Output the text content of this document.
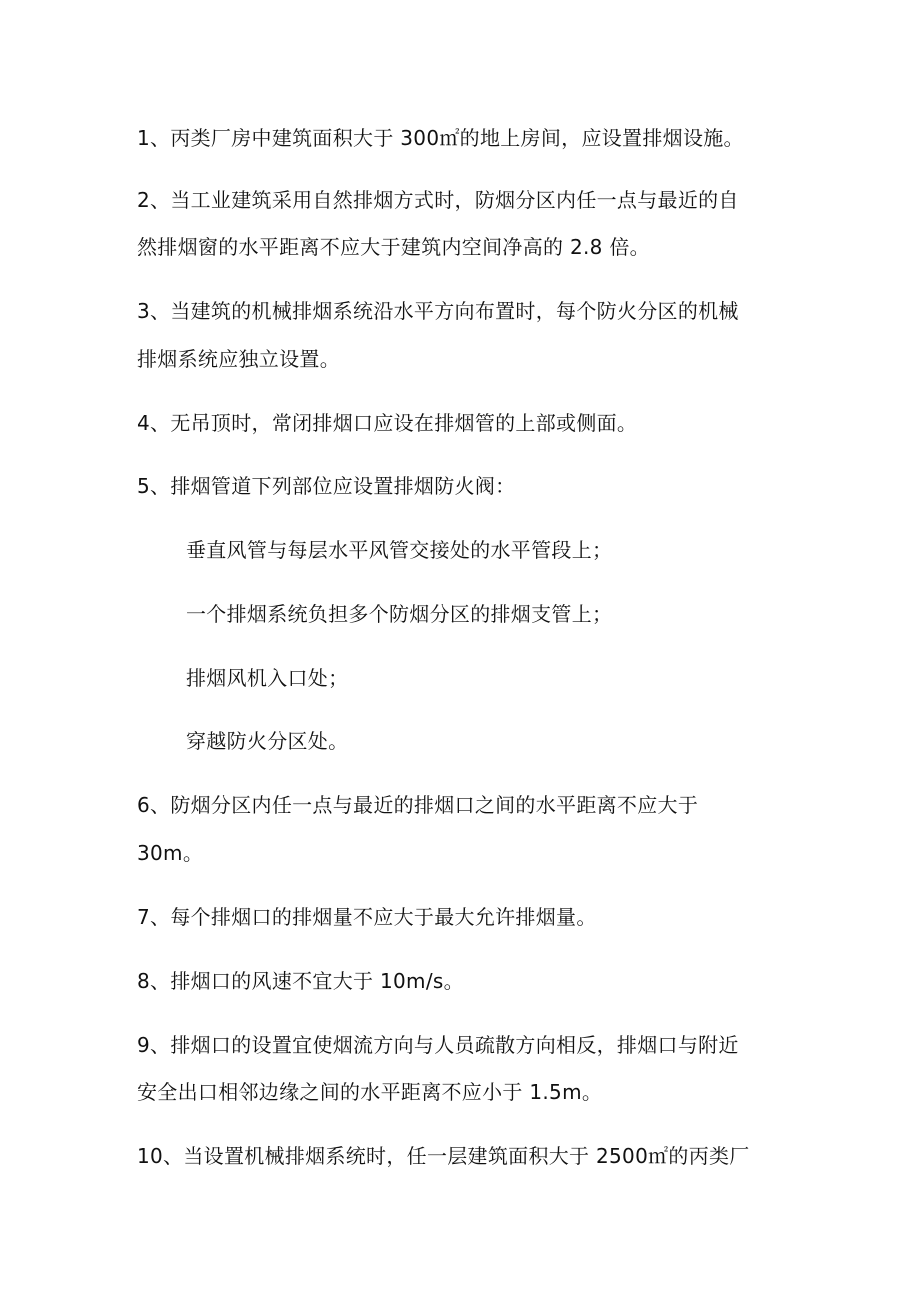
1、丙类厂房中建筑面积大于 300㎡的地上房间，应设置排烟设施。
2、当工业建筑采用自然排烟方式时，防烟分区内任一点与最近的自
然排烟窗的水平距离不应大于建筑内空间净高的 2.8 倍。
3、当建筑的机械排烟系统沿水平方向布置时，每个防火分区的机械
排烟系统应独立设置。
4、无吊顶时，常闭排烟口应设在排烟管的上部或侧面。
5、排烟管道下列部位应设置排烟防火阀：
垂直风管与每层水平风管交接处的水平管段上；
一个排烟系统负担多个防烟分区的排烟支管上；
排烟风机入口处；
穿越防火分区处。
6、防烟分区内任一点与最近的排烟口之间的水平距离不应大于
30m。
7、每个排烟口的排烟量不应大于最大允许排烟量。
8、排烟口的风速不宜大于 10m/s。
9、排烟口的设置宜使烟流方向与人员疏散方向相反，排烟口与附近
安全出口相邻边缘之间的水平距离不应小于 1.5m。
10、当设置机械排烟系统时，任一层建筑面积大于 2500㎡的丙类厂
